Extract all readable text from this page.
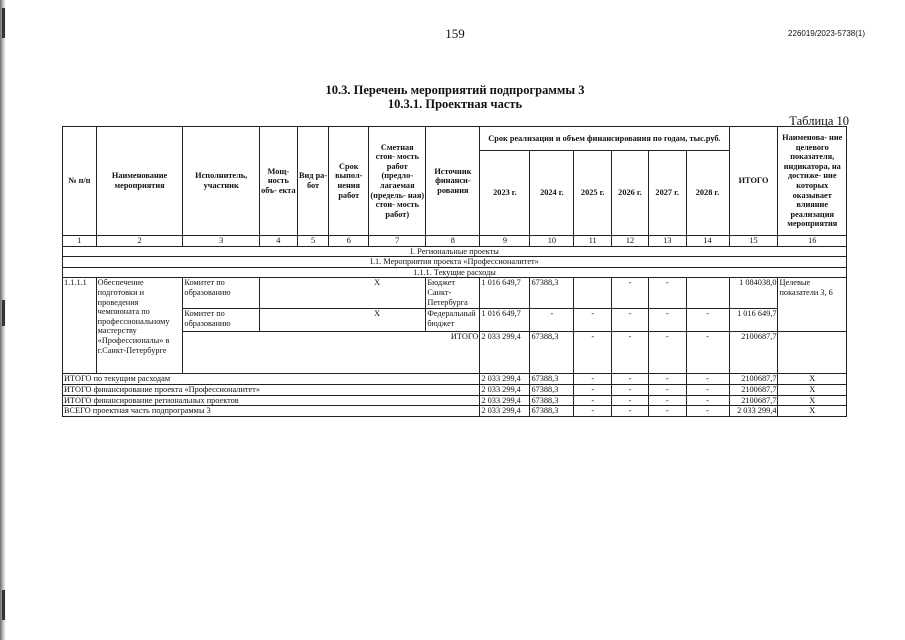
159	226019/2023-5738(1)
10.3. Перечень мероприятий подпрограммы 3
10.3.1. Проектная часть
Таблица 10
№ п/п	Наименование мероприятия	Исполнитель, участник	Мощ- ность объ- екта	Вид ра- бот	Срок выпол- нения работ	Сметная стои- мость работ (предло- лагаемая (предель- ная) стои- мость работ)	Источник финанси- рования	Срок реализации и объем финансирования по годам, тыс.руб.						ИТОГО	Наименова- ние целевого показателя, индикатора, на достиже- ние которых оказывает влияние реализация мероприятия
								2023 г.	2024 г.	2025 г.	2026 г.	2027 г.	2028 г.		
1	2	3	4	5	6	7	8	9	10	11	12	13	14	15	16
I. Региональные проекты															
I.1. Мероприятия проекта «Профессионалитет»															
1.1.1. Текущие расходы															
1.1.1.1	Обеспечение подготовки и проведения чемпионата по профессиональному мастерству «Профессионалы» в г.Санкт-Петербурге	Комитет по образованию			Х		Бюджет Санкт-Петербурга	1 016 649,7	67388,3		-	-		1 084038,0	Целевые показатели 3, 6
		Комитет по образованию			Х		Федеральный бюджет	1 016 649,7	-	-	-	-	-	1 016 649,7	
		ИТОГО						2 033 299,4	67388,3	-	-	-	-	2100687,7	
ИТОГО по текущим расходам								2 033 299,4	67388,3	-	-	-	-	2100687,7	Х
ИТОГО финансирование проекта «Профессионалитет»								2 033 299,4	67388,3	-	-	-	-	2100687,7	Х
ИТОГО финансирование региональных проектов								2 033 299,4	67388,3	-	-	-	-	2100687,7	Х
ВСЕГО проектная часть подпрограммы 3								2 033 299,4	67388,3	-	-	-	-	2 033 299,4	Х
